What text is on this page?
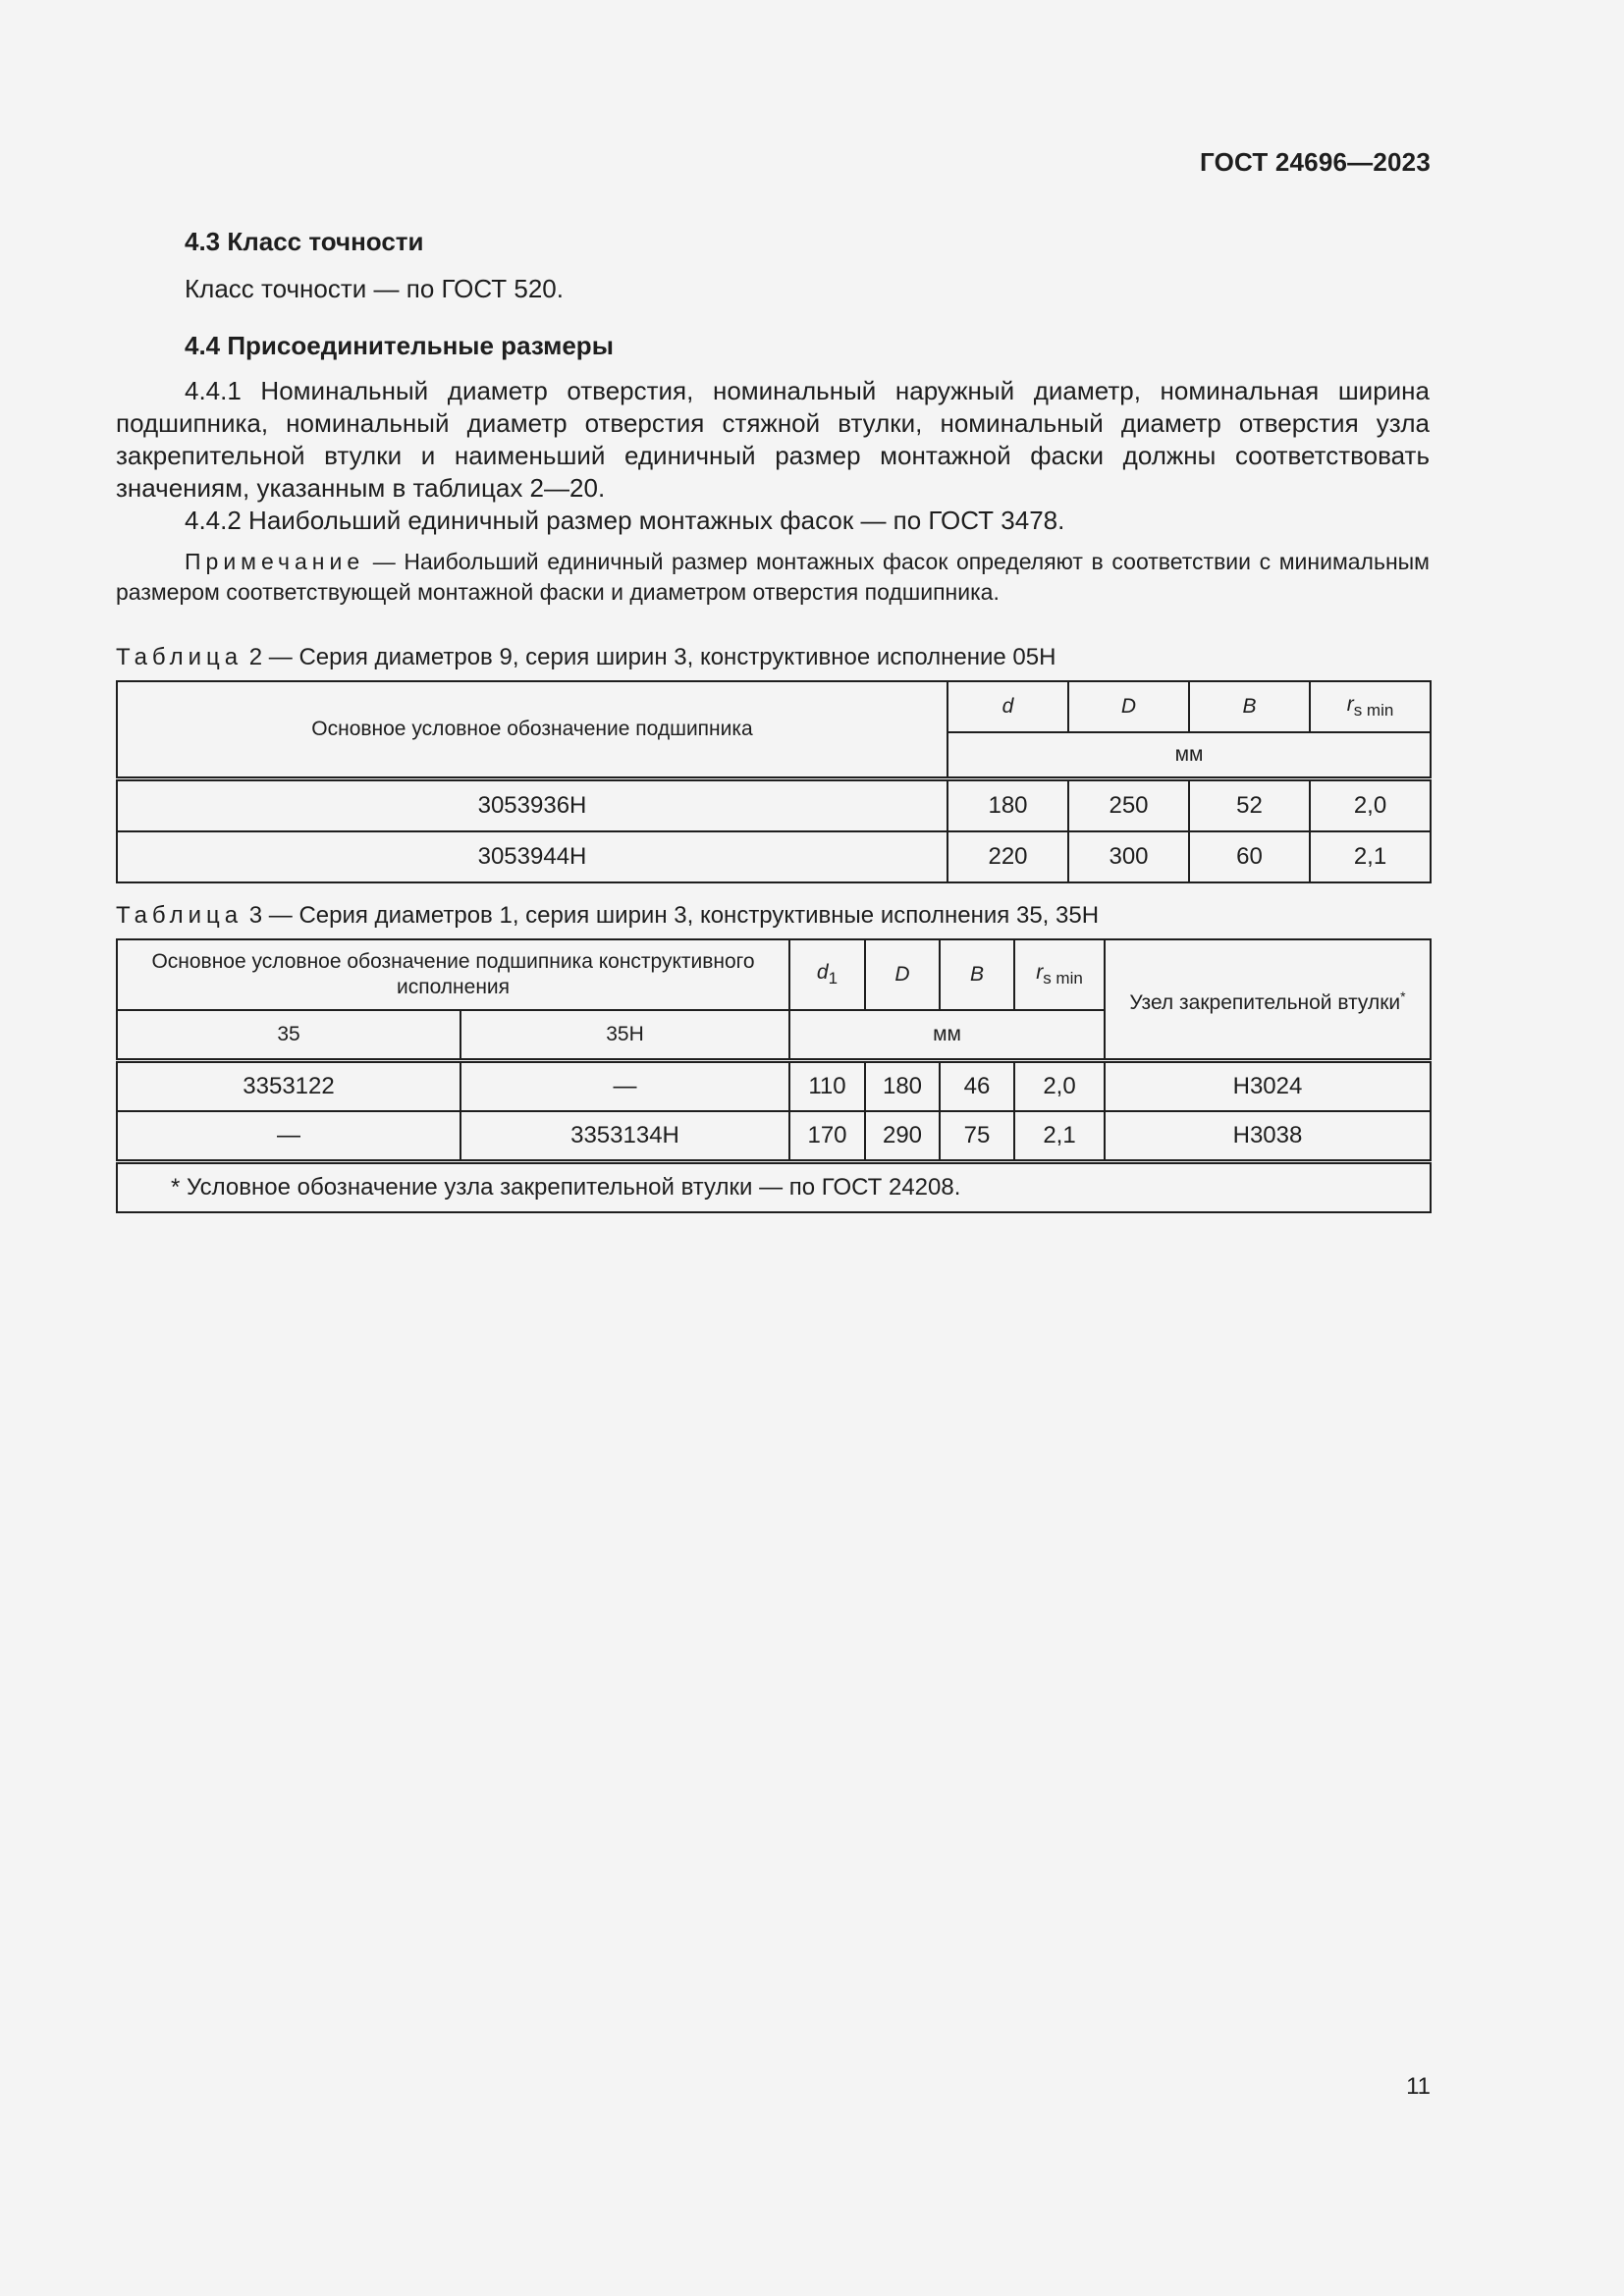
ГОСТ 24696—2023
4.3 Класс точности

Класс точности — по ГОСТ 520.

4.4 Присоединительные размеры

4.4.1 Номинальный диаметр отверстия, номинальный наружный диаметр, номинальная ширина подшипника, номинальный диаметр отверстия стяжной втулки, номинальный диаметр отверстия узла закрепительной втулки и наименьший единичный размер монтажной фаски должны соответствовать значениям, указанным в таблицах 2—20.

4.4.2 Наибольший единичный размер монтажных фасок — по ГОСТ 3478.

Примечание — Наибольший единичный размер монтажных фасок определяют в соответствии с минимальным размером соответствующей монтажной фаски и диаметром отверстия подшипника.

Таблица 2 — Серия диаметров 9, серия ширин 3, конструктивное исполнение 05Н

Основное условное обозначение подшипника	d	D	B	$r_{s min}$
	мм			
3053936Н	180	250	52	2,0
3053944Н	220	300	60	2,1

Таблица 3 — Серия диаметров 1, серия ширин 3, конструктивные исполнения 35, 35Н

Основное условное обозначение подшипника конструктивного исполнения		$d_1$	D	B	$r_{s min}$	Узел закрепительной втулки*
35	35Н	мм				
3353122	—	110	180	46	2,0	Н3024
—	3353134Н	170	290	75	2,1	Н3038
* Условное обозначение узла закрепительной втулки — по ГОСТ 24208.						
11
